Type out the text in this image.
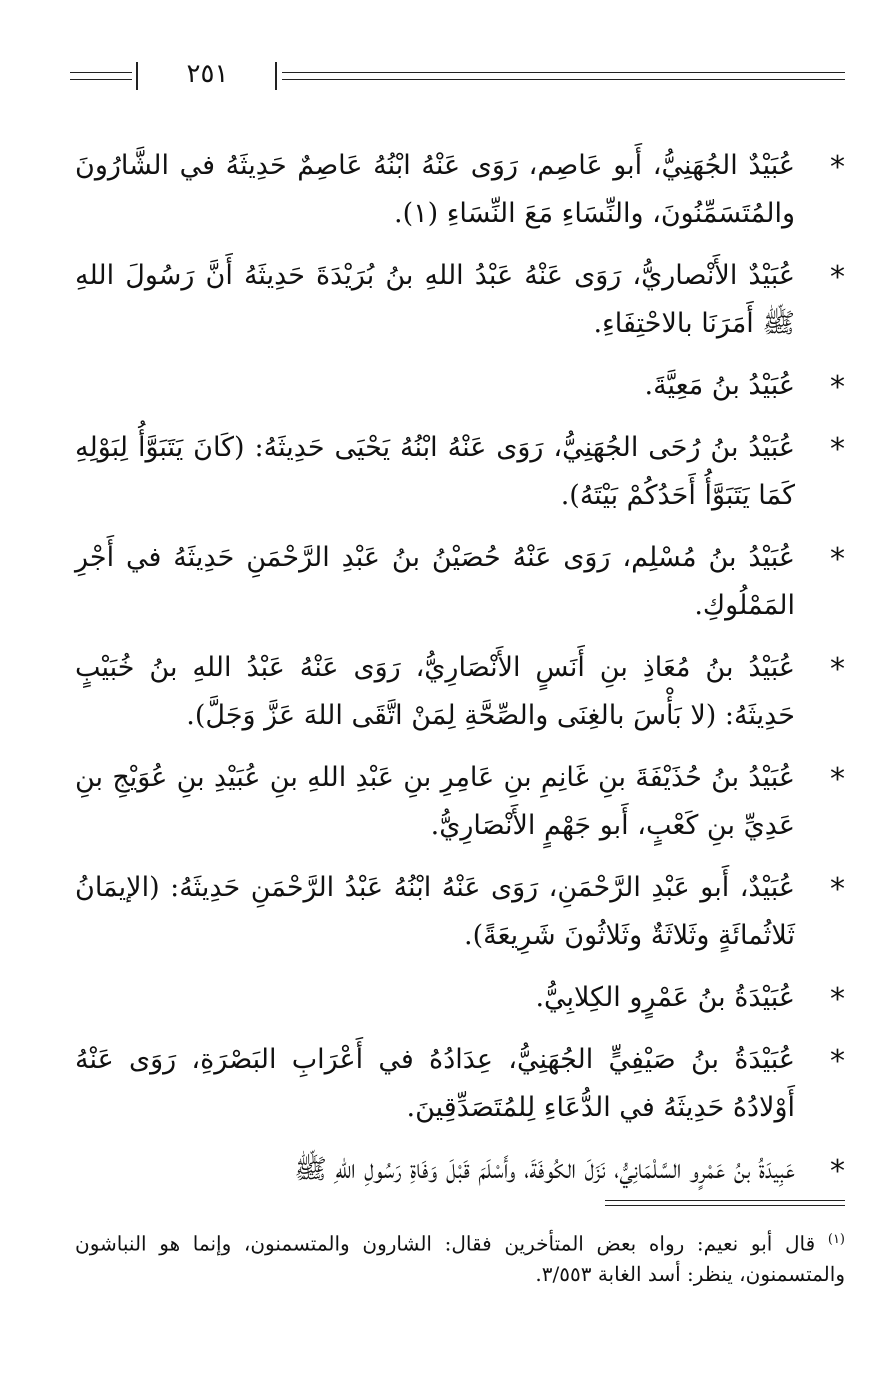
٢٥١
*
عُبَيْدٌ الجُهَنِيُّ، أَبو عَاصِم، رَوَى عَنْهُ ابْنُهُ عَاصِمٌ حَدِيثَهُ في الشَّارُونَ والمُتَسَمِّنُونَ، والنِّسَاءِ مَعَ النِّسَاءِ (١).
*
عُبَيْدٌ الأَنْصاريُّ، رَوَى عَنْهُ عَبْدُ اللهِ بنُ بُرَيْدَةَ حَدِيثَهُ أَنَّ رَسُولَ اللهِ ﷺ أَمَرَنَا بالاحْتِفَاءِ.
*
عُبَيْدُ بنُ مَعِيَّةَ.
*
عُبَيْدُ بنُ رُحَى الجُهَنِيُّ، رَوَى عَنْهُ ابْنُهُ يَحْيَى حَدِيثَهُ: (كَانَ يَتَبَوَّأُ لِبَوْلِهِ كَمَا يَتَبَوَّأُ أَحَدُكُمْ بَيْتَهُ).
*
عُبَيْدُ بنُ مُسْلِم، رَوَى عَنْهُ حُصَيْنُ بنُ عَبْدِ الرَّحْمَنِ حَدِيثَهُ في أَجْرِ المَمْلُوكِ.
*
عُبَيْدُ بنُ مُعَاذِ بنِ أَنَسٍ الأَنْصَارِيُّ، رَوَى عَنْهُ عَبْدُ اللهِ بنُ خُبَيْبٍ حَدِيثَهُ: (لا بَأْسَ بالغِنَى والصِّحَّةِ لِمَنْ اتَّقَى اللهَ عَزَّ وَجَلَّ).
*
عُبَيْدُ بنُ حُذَيْفَةَ بنِ غَانِمِ بنِ عَامِرِ بنِ عَبْدِ اللهِ بنِ عُبَيْدِ بنِ عُوَيْجِ بنِ عَدِيِّ بنِ كَعْبٍ، أَبو جَهْمٍ الأَنْصَارِيُّ.
*
عُبَيْدٌ، أَبو عَبْدِ الرَّحْمَنِ، رَوَى عَنْهُ ابْنُهُ عَبْدُ الرَّحْمَنِ حَدِيثَهُ: (الإيمَانُ ثَلاثُمائَةٍ وثَلاثَةٌ وثَلاثُونَ شَرِيعَةً).
*
عُبَيْدَةُ بنُ عَمْرٍو الكِلابِيُّ.
*
عُبَيْدَةُ بنُ صَيْفِيٍّ الجُهَنِيُّ، عِدَادُهُ في أَعْرَابِ البَصْرَةِ، رَوَى عَنْهُ أَوْلادُهُ حَدِيثَهُ في الدُّعَاءِ لِلمُتَصَدِّقِينَ.
*
عَبِيدَةُ بنُ عَمْرٍو السَّلْمَانِيُّ، نَزَلَ الكُوفَةَ، وأَسْلَمَ قَبْلَ وَفَاةِ رَسُولِ اللهِ ﷺ
$^{(١)}$ قال أبو نعيم: رواه بعض المتأخرين فقال: الشارون والمتسمنون، وإنما هو النباشون والمتسمنون، ينظر: أسد الغابة ٣/٥٥٣.
